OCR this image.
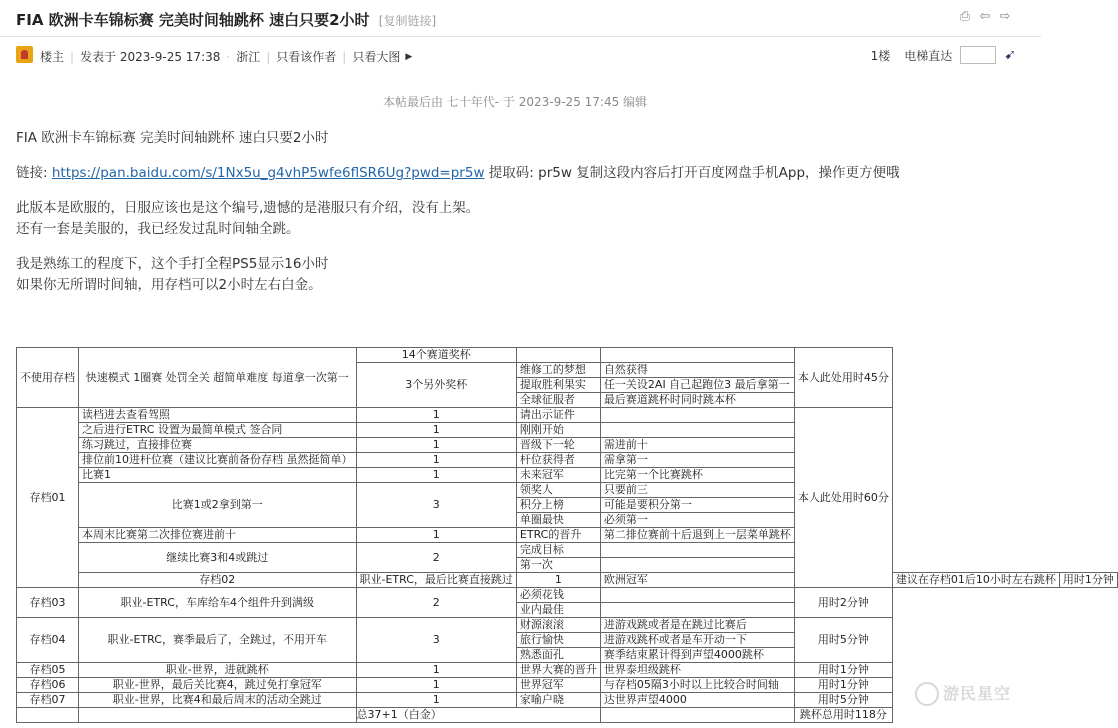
FIA 欧洲卡车锦标赛 完美时间轴跳杯 速白只要2小时 [复制链接]	⎙ ⇦ ⇨
楼主 | 发表于 2023-9-25 17:38 · 浙江 | 只看该作者 | 只看大图 ▶	1楼 电梯直达	➹
本帖最后由 七十年代- 于 2023-9-25 17:45 编辑

FIA 欧洲卡车锦标赛 完美时间轴跳杯 速白只要2小时

链接: https://pan.baidu.com/s/1Nx5u_g4vhP5wfe6flSR6Ug?pwd=pr5w 提取码: pr5w 复制这段内容后打开百度网盘手机App，操作更方便哦

此版本是欧服的，日服应该也是这个编号,遗憾的是港服只有介绍，没有上架。

还有一套是美服的，我已经发过乱时间轴全跳。

我是熟练工的程度下，这个手打全程PS5显示16小时

如果你无所谓时间轴，用存档可以2小时左右白金。

不使用存档	快速模式 1圈赛 处罚全关 超简单难度 每道拿一次第一	14个赛道奖杯			本人此处用时45分		
		3个另外奖杯	维修工的梦想	自然获得			
			提取胜利果实	任一关设2AI 自己起跑位3 最后拿第一			
			全球征服者	最后赛道跳杯时同时跳本杯			
存档01	读档进去查看驾照	1	请出示证件		本人此处用时60分		
	之后进行ETRC 设置为最简单模式 签合同	1	刚刚开始				
	练习跳过，直接排位赛	1	晋级下一轮	需进前十			
	排位前10进杆位赛（建议比赛前备份存档 虽然挺简单）	1	杆位获得者	需拿第一			
	比赛1	1	未来冠军	比完第一个比赛跳杯			
	比赛1或2拿到第一	3	领奖人	只要前三			
			积分上榜	可能是要积分第一			
			单圈最快	必须第一			
	本周末比赛第二次排位赛进前十	1	ETRC的晋升	第二排位赛前十后退到上一层菜单跳杯			
	继续比赛3和4或跳过	2	完成目标				
			第一次				
	存档02	职业-ETRC，最后比赛直接跳过	1	欧洲冠军		建议在存档01后10小时左右跳杯	用时1分钟
存档03	职业-ETRC，车库给车4个组件升到满级	2	必须花钱		用时2分钟		
			业内最佳				
存档04	职业-ETRC，赛季最后了，全跳过，不用开车	3	财源滚滚	进游戏跳或者是在跳过比赛后	用时5分钟		
			旅行愉快	进游戏跳杯或者是车开动一下			
			熟悉面孔	赛季结束累计得到声望4000跳杯			
存档05	职业-世界，进就跳杯	1	世界大赛的晋升	世界泰坦级跳杯	用时1分钟		
存档06	职业-世界，最后关比赛4，跳过免打拿冠军	1	世界冠军	与存档05隔3小时以上比较合时间轴	用时1分钟		
存档07	职业-世界，比赛4和最后周末的活动全跳过	1	家喻户晓	达世界声望4000	用时5分钟		
		总37+1（白金）			跳杯总用时118分		
游民星空
